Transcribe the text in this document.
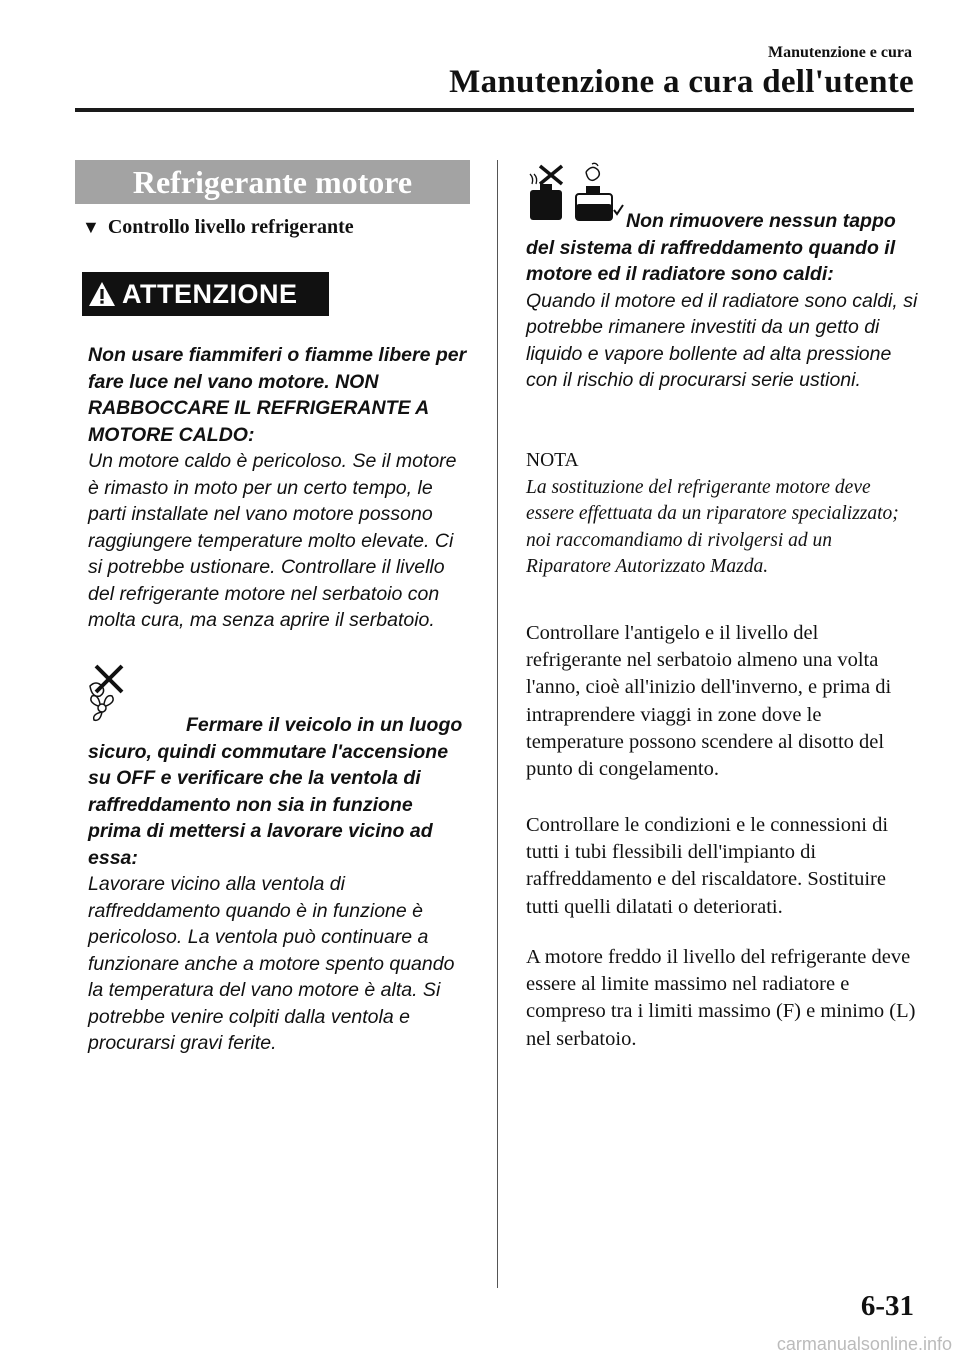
Manutenzione e cura
Manutenzione a cura dell'utente
Refrigerante motore
▼ Controllo livello refrigerante
ATTENZIONE

Non usare fiammiferi o fiamme libere per fare luce nel vano motore. NON RABBOCCARE IL REFRIGERANTE A MOTORE CALDO:

Un motore caldo è pericoloso. Se il motore è rimasto in moto per un certo tempo, le parti installate nel vano motore possono raggiungere temperature molto elevate. Ci si potrebbe ustionare. Controllare il livello del refrigerante motore nel serbatoio con molta cura, ma senza aprire il serbatoio.

Fermare il veicolo in un luogo sicuro, quindi commutare l'accensione su OFF e verificare che la ventola di raffreddamento non sia in funzione prima di mettersi a lavorare vicino ad essa:

Lavorare vicino alla ventola di raffreddamento quando è in funzione è pericoloso. La ventola può continuare a funzionare anche a motore spento quando la temperatura del vano motore è alta. Si potrebbe venire colpiti dalla ventola e procurarsi gravi ferite.

Non rimuovere nessun tappo del sistema di raffreddamento quando il motore ed il radiatore sono caldi:

Quando il motore ed il radiatore sono caldi, si potrebbe rimanere investiti da un getto di liquido e vapore bollente ad alta pressione con il rischio di procurarsi serie ustioni.

NOTA

La sostituzione del refrigerante motore deve essere effettuata da un riparatore specializzato; noi raccomandiamo di rivolgersi ad un Riparatore Autorizzato Mazda.

Controllare l'antigelo e il livello del refrigerante nel serbatoio almeno una volta l'anno, cioè all'inizio dell'inverno, e prima di intraprendere viaggi in zone dove le temperature possono scendere al disotto del punto di congelamento.
Controllare le condizioni e le connessioni di tutti i tubi flessibili dell'impianto di raffreddamento e del riscaldatore. Sostituire tutti quelli dilatati o deteriorati.
A motore freddo il livello del refrigerante deve essere al limite massimo nel radiatore e compreso tra i limiti massimo (F) e minimo (L) nel serbatoio.
6-31
carmanualsonline.info
